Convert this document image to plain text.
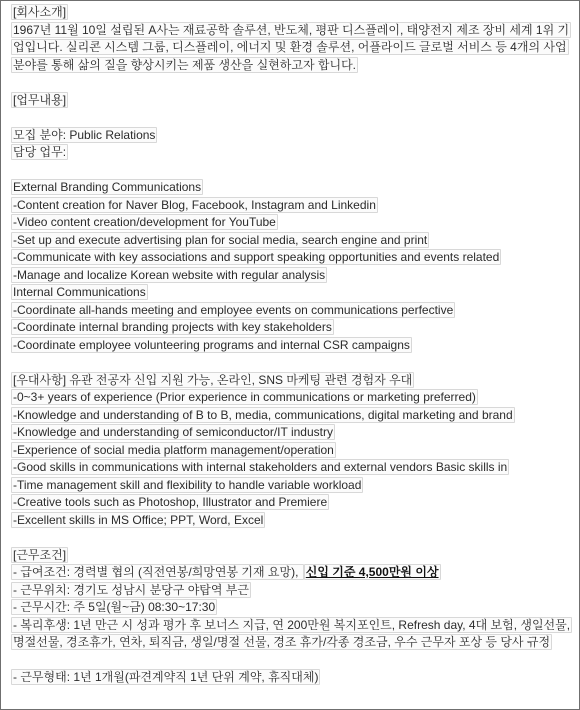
[회사소개]
1967년 11월 10일 설립된 A사는 재료공학 솔루션, 반도체, 평판 디스플레이, 태양전지 제조 장비 세계 1위 기업입니다. 실리콘 시스템 그룹, 디스플레이, 에너지 및 환경 솔루션, 어플라이드 글로벌 서비스 등 4개의 사업 분야를 통해 삶의 질을 향상시키는 제품 생산을 실현하고자 합니다.
[업무내용]
모집 분야: Public Relations
담당 업무:
External Branding Communications
-Content creation for Naver Blog, Facebook, Instagram and Linkedin
-Video content creation/development for YouTube
-Set up and execute advertising plan for social media, search engine and print
-Communicate with key associations and support speaking opportunities and events related
-Manage and localize Korean website with regular analysis
Internal Communications
-Coordinate all-hands meeting and employee events on communications perfective
-Coordinate internal branding projects with key stakeholders
-Coordinate employee volunteering programs and internal CSR campaigns
[우대사항] 유관 전공자 신입 지원 가능, 온라인, SNS 마케팅 관련 경험자 우대
-0~3+ years of experience (Prior experience in communications or marketing preferred)
-Knowledge and understanding of B to B, media, communications, digital marketing and brand
-Knowledge and understanding of semiconductor/IT industry
-Experience of social media platform management/operation
-Good skills in communications with internal stakeholders and external vendors Basic skills in
-Time management skill and flexibility to handle variable workload
-Creative tools such as Photoshop, Illustrator and Premiere
-Excellent skills in MS Office; PPT, Word, Excel
[근무조건]
- 급여조건: 경력별 협의 (직전연봉/희망연봉 기재 요망), 신입 기준 4,500만원 이상
- 근무위치: 경기도 성남시 분당구 야탑역 부근
- 근무시간: 주 5일(월~금) 08:30~17:30
- 복리후생: 1년 만근 시 성과 평가 후 보너스 지급, 연 200만원 복지포인트, Refresh day, 4대 보험, 생일선물, 명절선물, 경조휴가, 연차, 퇴직금, 생일/명절 선물, 경조 휴가/각종 경조금, 우수 근무자 포상 등 당사 규정
- 근무형태: 1년 1개월(파견계약직 1년 단위 계약, 휴직대체)
